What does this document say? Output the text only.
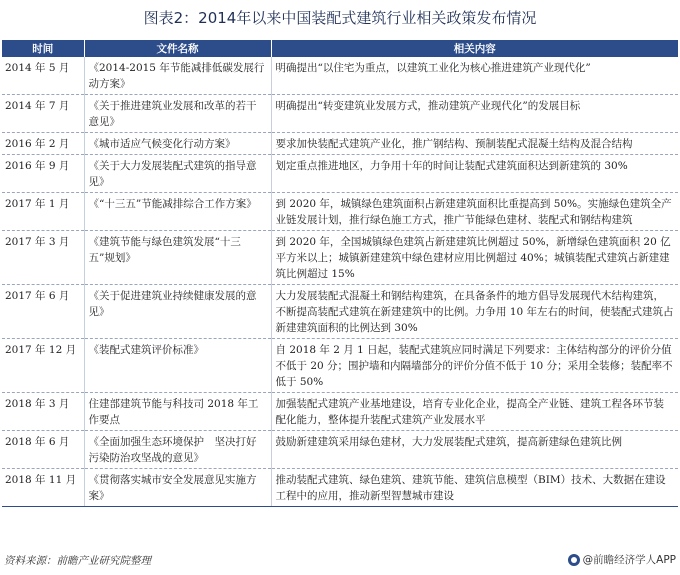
图表2：2014年以来中国装配式建筑行业相关政策发布情况
时间	文件名称	相关内容
2014 年 5 月	《2014-2015 年节能减排低碳发展行动方案》	明确提出“以住宅为重点，以建筑工业化为核心推进建筑产业现代化”
2014 年 7 月	《关于推进建筑业发展和改革的若干意见》	明确提出“转变建筑业发展方式，推动建筑产业现代化”的发展目标
2016 年 2 月	《城市适应气候变化行动方案》	要求加快装配式建筑产业化，推广钢结构、预制装配式混凝土结构及混合结构
2016 年 9 月	《关于大力发展装配式建筑的指导意见》	划定重点推进地区，力争用十年的时间让装配式建筑面积达到新建筑的 30%
2017 年 1 月	《“十三五”节能减排综合工作方案》	到 2020 年，城镇绿色建筑面积占新建建筑面积比重提高到 50%。实施绿色建筑全产业链发展计划，推行绿色施工方式，推广节能绿色建材、装配式和钢结构建筑
2017 年 3 月	《建筑节能与绿色建筑发展“十三五”规划》	到 2020 年，全国城镇绿色建筑占新建建筑比例超过 50%，新增绿色建筑面积 20 亿平方米以上；城镇新建建筑中绿色建材应用比例超过 40%；城镇装配式建筑占新建建筑比例超过 15%
2017 年 6 月	《关于促进建筑业持续健康发展的意见》	大力发展装配式混凝土和钢结构建筑，在具备条件的地方倡导发展现代木结构建筑，不断提高装配式建筑在新建建筑中的比例。力争用 10 年左右的时间，使装配式建筑占新建建筑面积的比例达到 30%
2017 年 12 月	《装配式建筑评价标准》	自 2018 年 2 月 1 日起，装配式建筑应同时满足下列要求：主体结构部分的评价分值不低于 20 分；围护墙和内隔墙部分的评价分值不低于 10 分；采用全装修；装配率不低于 50%
2018 年 3 月	住建部建筑节能与科技司 2018 年工作要点	加强装配式建筑产业基地建设，培育专业化企业，提高全产业链、建筑工程各环节装配化能力，整体提升装配式建筑产业发展水平
2018 年 6 月	《全面加强生态环境保护　坚决打好污染防治攻坚战的意见》	鼓励新建建筑采用绿色建材，大力发展装配式建筑，提高新建绿色建筑比例
2018 年 11 月	《贯彻落实城市安全发展意见实施方案》	推动装配式建筑、绿色建筑、建筑节能、建筑信息模型（BIM）技术、大数据在建设工程中的应用，推动新型智慧城市建设
资料来源：前瞻产业研究院整理	@前瞻经济学人APP
